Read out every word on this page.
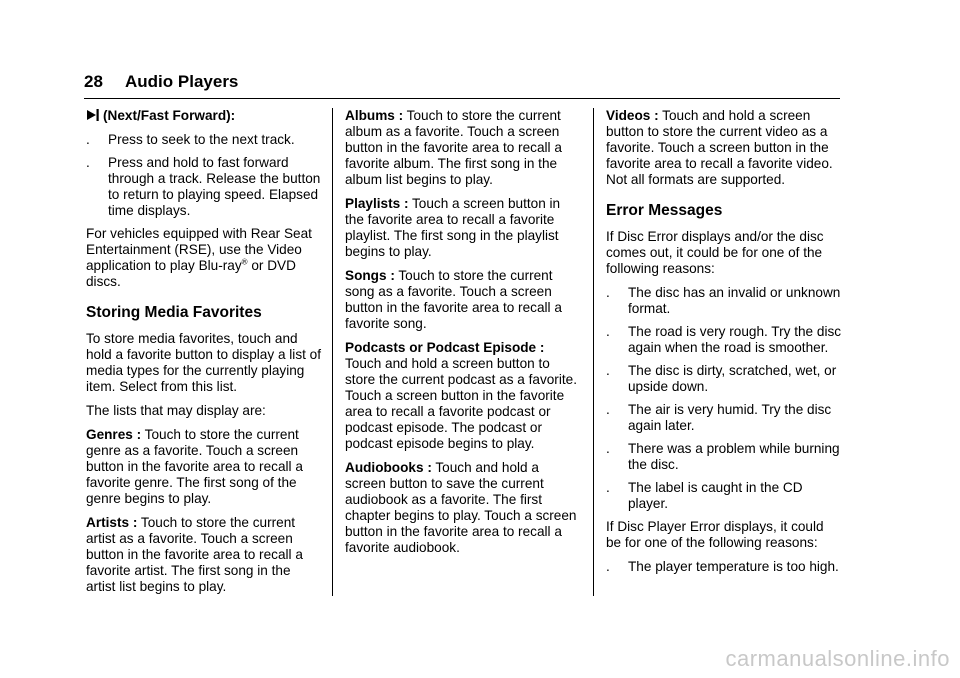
28 Audio Players

(Next/Fast Forward):

. Press to seek to the next track.
. Press and hold to fast forward through a track. Release the button to return to playing speed. Elapsed time displays.

For vehicles equipped with Rear Seat Entertainment (RSE), use the Video application to play Blu-ray® or DVD discs.

Storing Media Favorites

To store media favorites, touch and hold a favorite button to display a list of media types for the currently playing item. Select from this list.

The lists that may display are:

Genres : Touch to store the current genre as a favorite. Touch a screen button in the favorite area to recall a favorite genre. The first song of the genre begins to play.

Artists : Touch to store the current artist as a favorite. Touch a screen button in the favorite area to recall a favorite artist. The first song in the artist list begins to play.

Albums : Touch to store the current album as a favorite. Touch a screen button in the favorite area to recall a favorite album. The first song in the album list begins to play.

Playlists : Touch a screen button in the favorite area to recall a favorite playlist. The first song in the playlist begins to play.

Songs : Touch to store the current song as a favorite. Touch a screen button in the favorite area to recall a favorite song.

Podcasts or Podcast Episode : Touch and hold a screen button to store the current podcast as a favorite. Touch a screen button in the favorite area to recall a favorite podcast or podcast episode. The podcast or podcast episode begins to play.

Audiobooks : Touch and hold a screen button to save the current audiobook as a favorite. The first chapter begins to play. Touch a screen button in the favorite area to recall a favorite audiobook.

Videos : Touch and hold a screen button to store the current video as a favorite. Touch a screen button in the favorite area to recall a favorite video. Not all formats are supported.

Error Messages

If Disc Error displays and/or the disc comes out, it could be for one of the following reasons:

. The disc has an invalid or unknown format.
. The road is very rough. Try the disc again when the road is smoother.
. The disc is dirty, scratched, wet, or upside down.
. The air is very humid. Try the disc again later.
. There was a problem while burning the disc.
. The label is caught in the CD player.

If Disc Player Error displays, it could be for one of the following reasons:

. The player temperature is too high.
carmanualsonline.info
